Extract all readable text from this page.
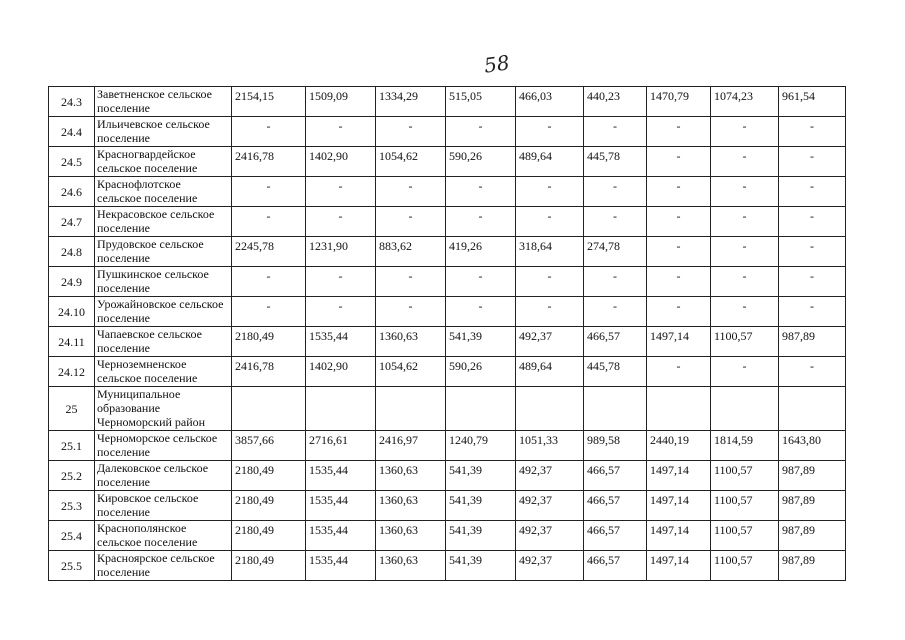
58
24.3	Заветненское сельское поселение	2154,15	1509,09	1334,29	515,05	466,03	440,23	1470,79	1074,23	961,54
24.4	Ильичевское сельское поселение	-	-	-	-	-	-	-	-	-
24.5	Красногвардейское сельское поселение	2416,78	1402,90	1054,62	590,26	489,64	445,78	-	-	-
24.6	Краснофлотское сельское поселение	-	-	-	-	-	-	-	-	-
24.7	Некрасовское сельское поселение	-	-	-	-	-	-	-	-	-
24.8	Прудовское сельское поселение	2245,78	1231,90	883,62	419,26	318,64	274,78	-	-	-
24.9	Пушкинское сельское поселение	-	-	-	-	-	-	-	-	-
24.10	Урожайновское сельское поселение	-	-	-	-	-	-	-	-	-
24.11	Чапаевское сельское поселение	2180,49	1535,44	1360,63	541,39	492,37	466,57	1497,14	1100,57	987,89
24.12	Черноземненское сельское поселение	2416,78	1402,90	1054,62	590,26	489,64	445,78	-	-	-
25	Муниципальное образование Черноморский район									
25.1	Черноморское сельское поселение	3857,66	2716,61	2416,97	1240,79	1051,33	989,58	2440,19	1814,59	1643,80
25.2	Далековское сельское поселение	2180,49	1535,44	1360,63	541,39	492,37	466,57	1497,14	1100,57	987,89
25.3	Кировское сельское поселение	2180,49	1535,44	1360,63	541,39	492,37	466,57	1497,14	1100,57	987,89
25.4	Краснополянское сельское поселение	2180,49	1535,44	1360,63	541,39	492,37	466,57	1497,14	1100,57	987,89
25.5	Красноярское сельское поселение	2180,49	1535,44	1360,63	541,39	492,37	466,57	1497,14	1100,57	987,89
